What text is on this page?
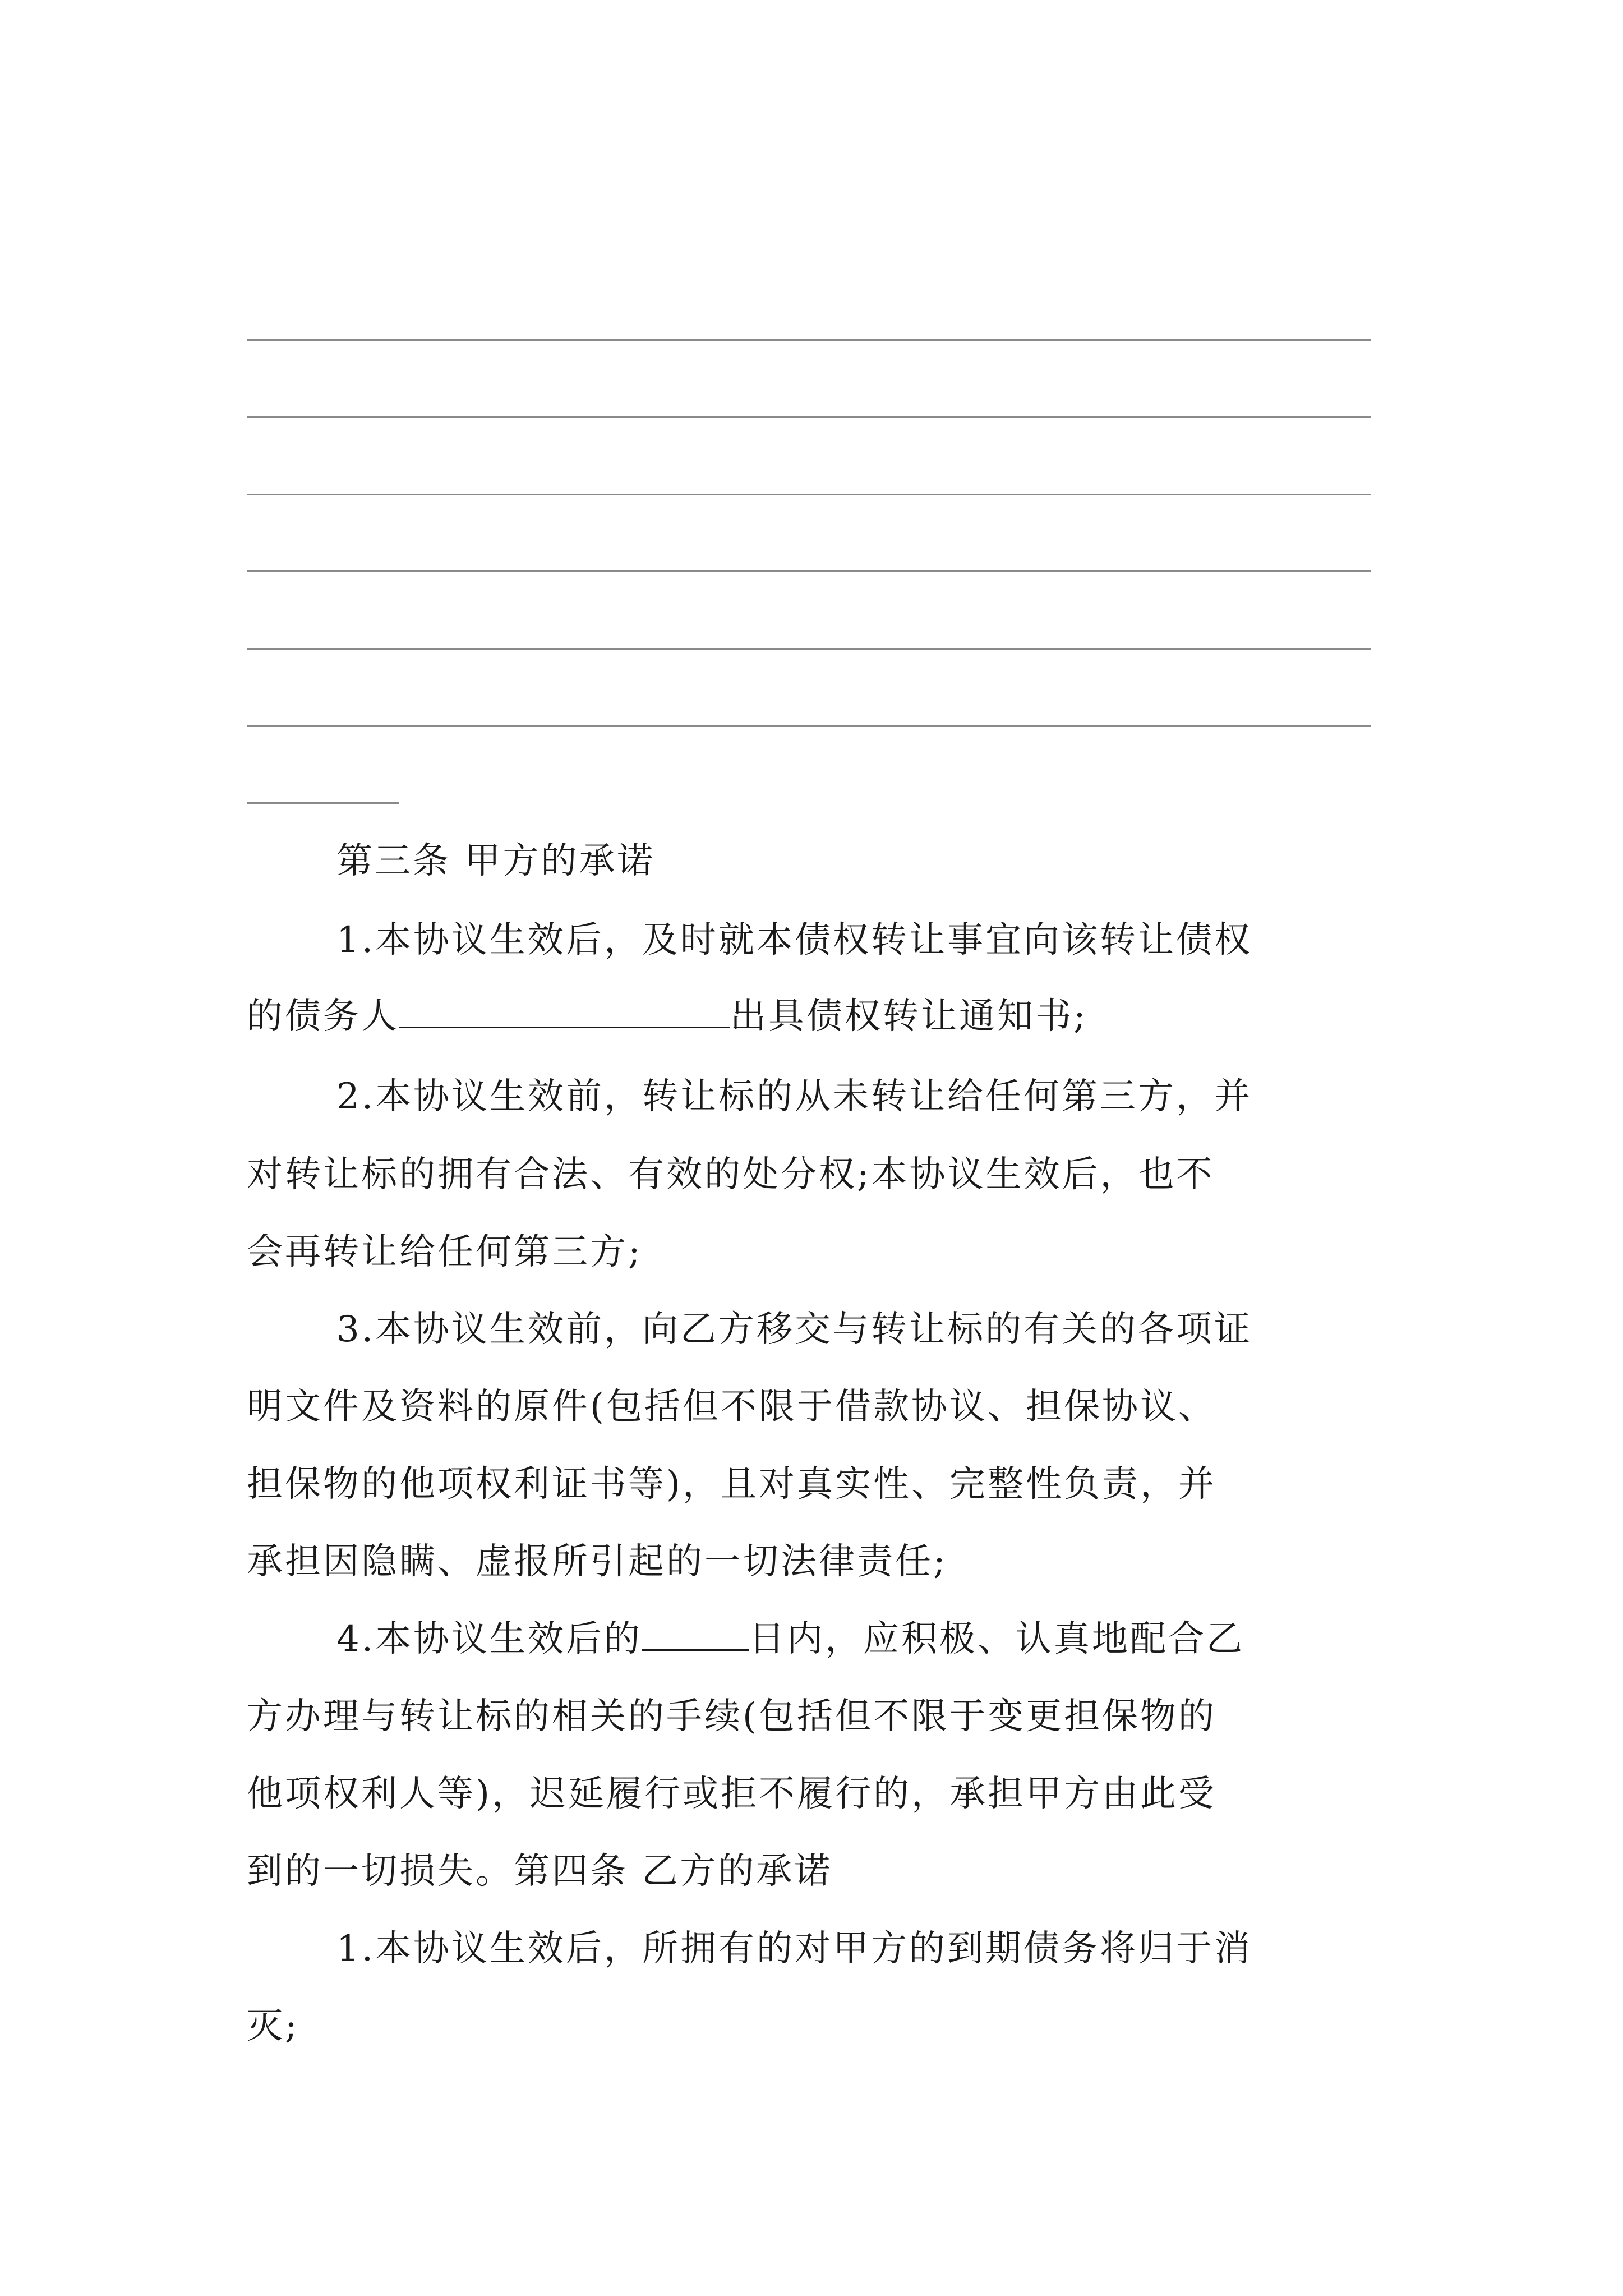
第三条 甲方的承诺
1.本协议生效后，及时就本债权转让事宜向该转让债权
的债务人	出具债权转让通知书;
2.本协议生效前，转让标的从未转让给任何第三方，并
对转让标的拥有合法、有效的处分权;本协议生效后，也不
会再转让给任何第三方;
3.本协议生效前，向乙方移交与转让标的有关的各项证
明文件及资料的原件(包括但不限于借款协议、担保协议、
担保物的他项权利证书等)，且对真实性、完整性负责，并
承担因隐瞒、虚报所引起的一切法律责任;
4.本协议生效后的	日内，应积极、认真地配合乙
方办理与转让标的相关的手续(包括但不限于变更担保物的
他项权利人等)，迟延履行或拒不履行的，承担甲方由此受
到的一切损失。第四条 乙方的承诺
1.本协议生效后，所拥有的对甲方的到期债务将归于消
灭;
